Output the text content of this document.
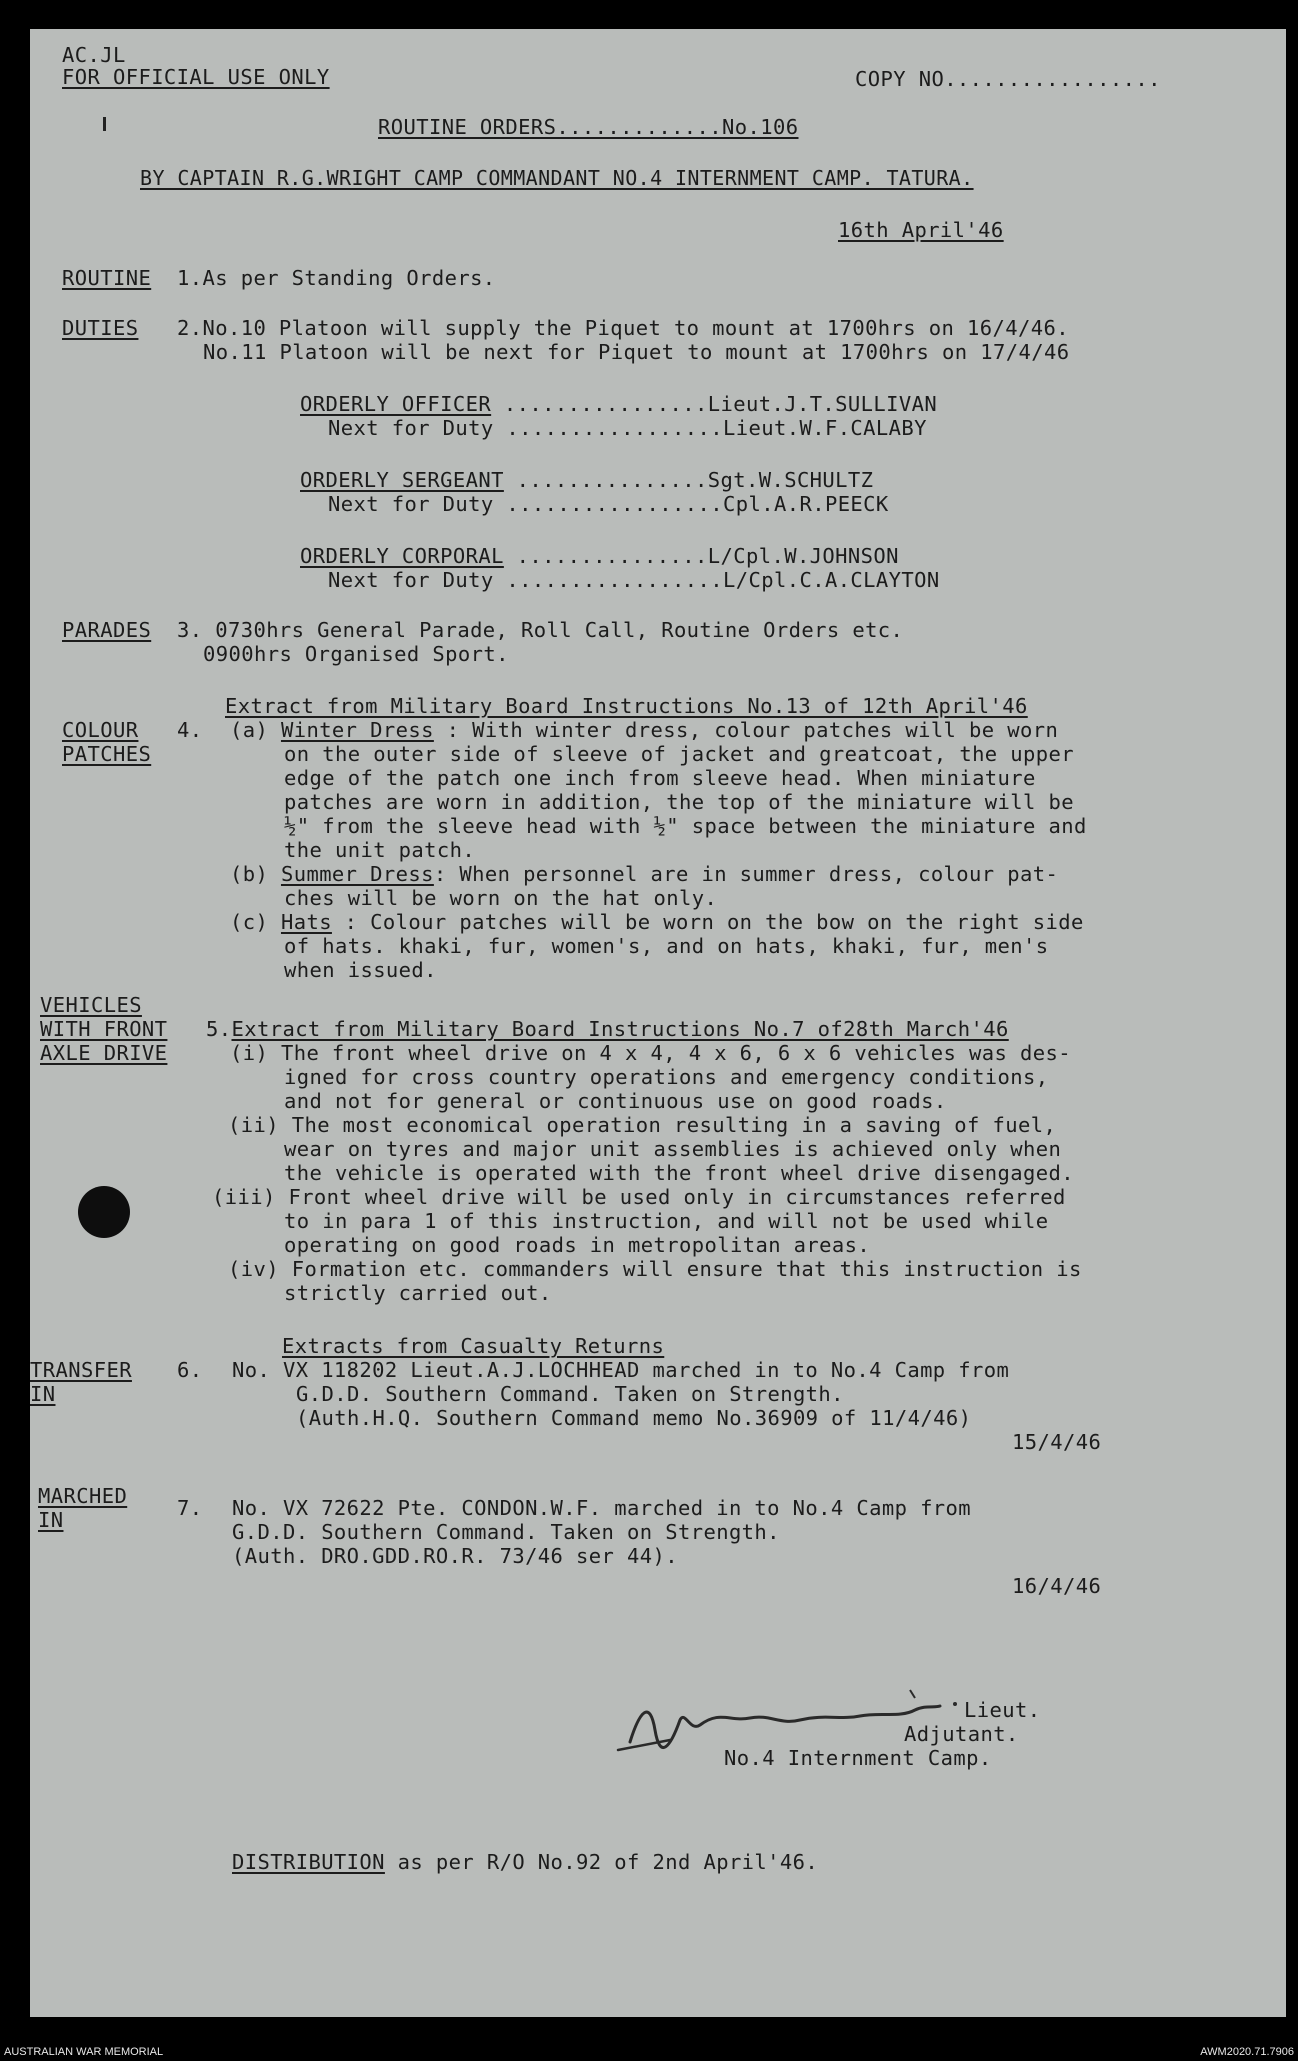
AC.JL
FOR OFFICIAL USE ONLY	COPY NO.................
ROUTINE ORDERS.............No.106
BY CAPTAIN R.G.WRIGHT CAMP COMMANDANT NO.4 INTERNMENT CAMP. TATURA.
16th April'46
ROUTINE 1.As per Standing Orders.
DUTIES 2.No.10 Platoon will supply the Piquet to mount at 1700hrs on 16/4/46.
No.11 Platoon will be next for Piquet to mount at 1700hrs on 17/4/46
ORDERLY OFFICER ................Lieut.J.T.SULLIVAN
Next for Duty .................Lieut.W.F.CALABY
ORDERLY SERGEANT ...............Sgt.W.SCHULTZ
Next for Duty .................Cpl.A.R.PEECK
ORDERLY CORPORAL ...............L/Cpl.W.JOHNSON
Next for Duty .................L/Cpl.C.A.CLAYTON
PARADES 3. 0730hrs General Parade, Roll Call, Routine Orders etc.
0900hrs Organised Sport.
Extract from Military Board Instructions No.13 of 12th April'46
COLOUR
PATCHES
4. (a) Winter Dress : With winter dress, colour patches will be worn
on the outer side of sleeve of jacket and greatcoat, the upper
edge of the patch one inch from sleeve head. When miniature
patches are worn in addition, the top of the miniature will be
½" from the sleeve head with ½" space between the miniature and
the unit patch.
(b) Summer Dress: When personnel are in summer dress, colour pat-
ches will be worn on the hat only.
(c) Hats : Colour patches will be worn on the bow on the right side
of hats. khaki, fur, women's, and on hats, khaki, fur, men's
when issued.
VEHICLES
WITH FRONT
AXLE DRIVE
5.Extract from Military Board Instructions No.7 of28th March'46
(i) The front wheel drive on 4 x 4, 4 x 6, 6 x 6 vehicles was des-
igned for cross country operations and emergency conditions,
and not for general or continuous use on good roads.
(ii) The most economical operation resulting in a saving of fuel,
wear on tyres and major unit assemblies is achieved only when
the vehicle is operated with the front wheel drive disengaged.
(iii) Front wheel drive will be used only in circumstances referred
to in para 1 of this instruction, and will not be used while
operating on good roads in metropolitan areas.
(iv) Formation etc. commanders will ensure that this instruction is
strictly carried out.
Extracts from Casualty Returns
TRANSFER
IN
6. No. VX 118202 Lieut.A.J.LOCHHEAD marched in to No.4 Camp from
G.D.D. Southern Command. Taken on Strength.
(Auth.H.Q. Southern Command memo No.36909 of 11/4/46)
15/4/46
MARCHED
IN	7. No. VX 72622 Pte. CONDON.W.F. marched in to No.4 Camp from
G.D.D. Southern Command. Taken on Strength.
(Auth. DRO.GDD.RO.R. 73/46 ser 44).
16/4/46
Lieut.
Adjutant.
No.4 Internment Camp.
DISTRIBUTION as per R/O No.92 of 2nd April'46.
AUSTRALIAN WAR MEMORIAL	AWM2020.71.7906
